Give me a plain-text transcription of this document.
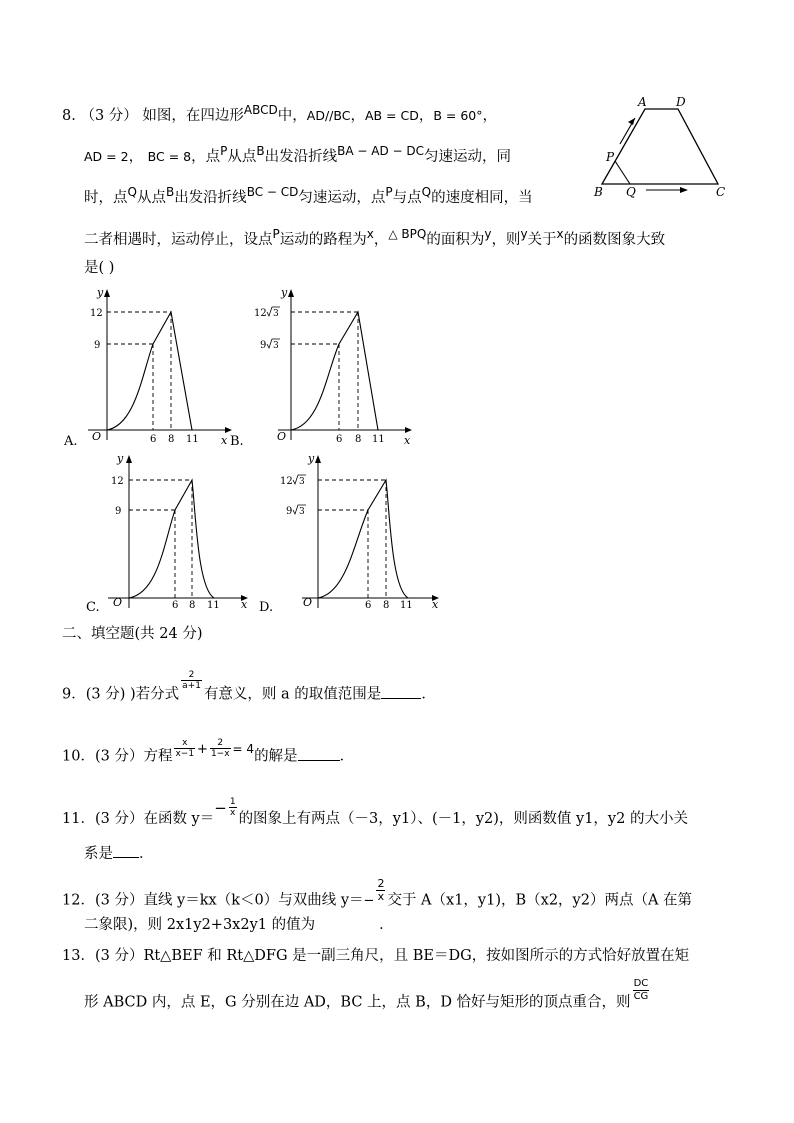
8. （3 分） 如图，在四边形$^{ABCD}$中，AD//BC，AB = CD，B = 60°，
AD = 2， BC = 8，点$^P$从点$^B$出发沿折线$^{BA - AD - DC}$匀速运动，同
时，点$^Q$从点$^B$出发沿折线$^{BC - CD}$匀速运动，点$^P$与点$^Q$的速度相同，当
二者相遇时，运动停止，设点$^P$运动的路程为$^x$，$^{\triangle BPQ}$的面积为$^y$，则$^y$关于$^x$的函数图象大致
是( )
A D
P
B Q	C
y
x
O
12
9
6 8 11
A.
y
x
O
12 3
9 3
6 8 11
B.
y
x
O
12
9
6 8 11
C.
y
x
O
12 3
9 3
6 8 11
D.
二、填空题(共 24 分)
9．(3 分) )若分式
$\frac{2}{a+1}$
有意义，则 a 的取值范围是	．
10．(3 分）方程 $\frac{x}{x-1} + \frac{2}{1-x} ^{= 4}$的解是	．
11．(3 分）在函数 $y=- \frac{1}{x}$
的图象上有两点（－3，y1）、(－1，y2)，则函数值 y1，y2 的大小关
系是 ．
12．(3 分）直线 y＝kx（k＜0）与双曲线 $y=- \frac{2}{x}$ 交于 A（x1，y1)，B（x2，y2）两点（A 在第
二象限)，则 2x1y2+3x2y1 的值为	．
13．(3 分）Rt△BEF 和 Rt△DFG 是一副三角尺，且 BE＝DG，按如图所示的方式恰好放置在矩
形 ABCD 内，点 E，G 分别在边 AD，BC 上，点 B，D 恰好与矩形的顶点重合，则 $\frac{DC}{CG}$
